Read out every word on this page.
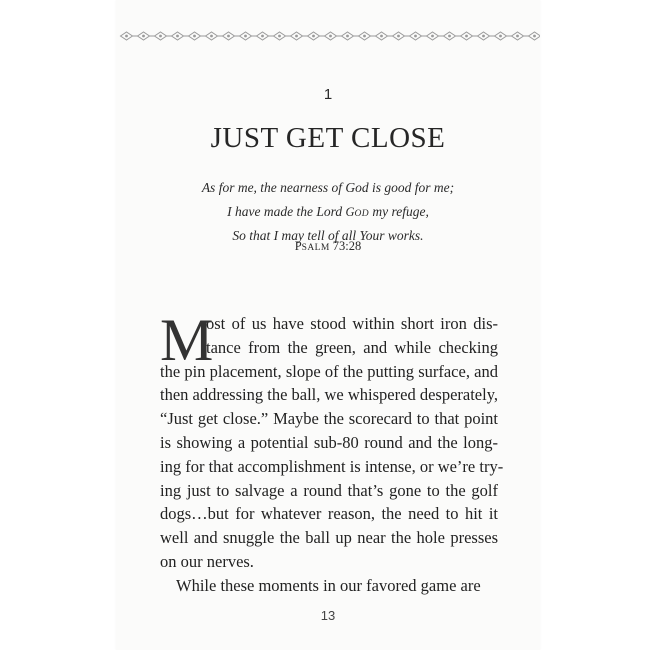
1
JUST GET CLOSE
As for me, the nearness of God is good for me;
I have made the Lord GOD my refuge,
So that I may tell of all Your works.
PSALM 73:28
M
ost of us have stood within short iron dis-
tance from the green, and while checking
the pin placement, slope of the putting surface, and
then addressing the ball, we whispered desperately,
“Just get close.” Maybe the scorecard to that point
is showing a potential sub-80 round and the long-
ing for that accomplishment is intense, or we’re try-
ing just to salvage a round that’s gone to the golf
dogs…but for whatever reason, the need to hit it
well and snuggle the ball up near the hole presses
on our nerves.
While these moments in our favored game are
13
